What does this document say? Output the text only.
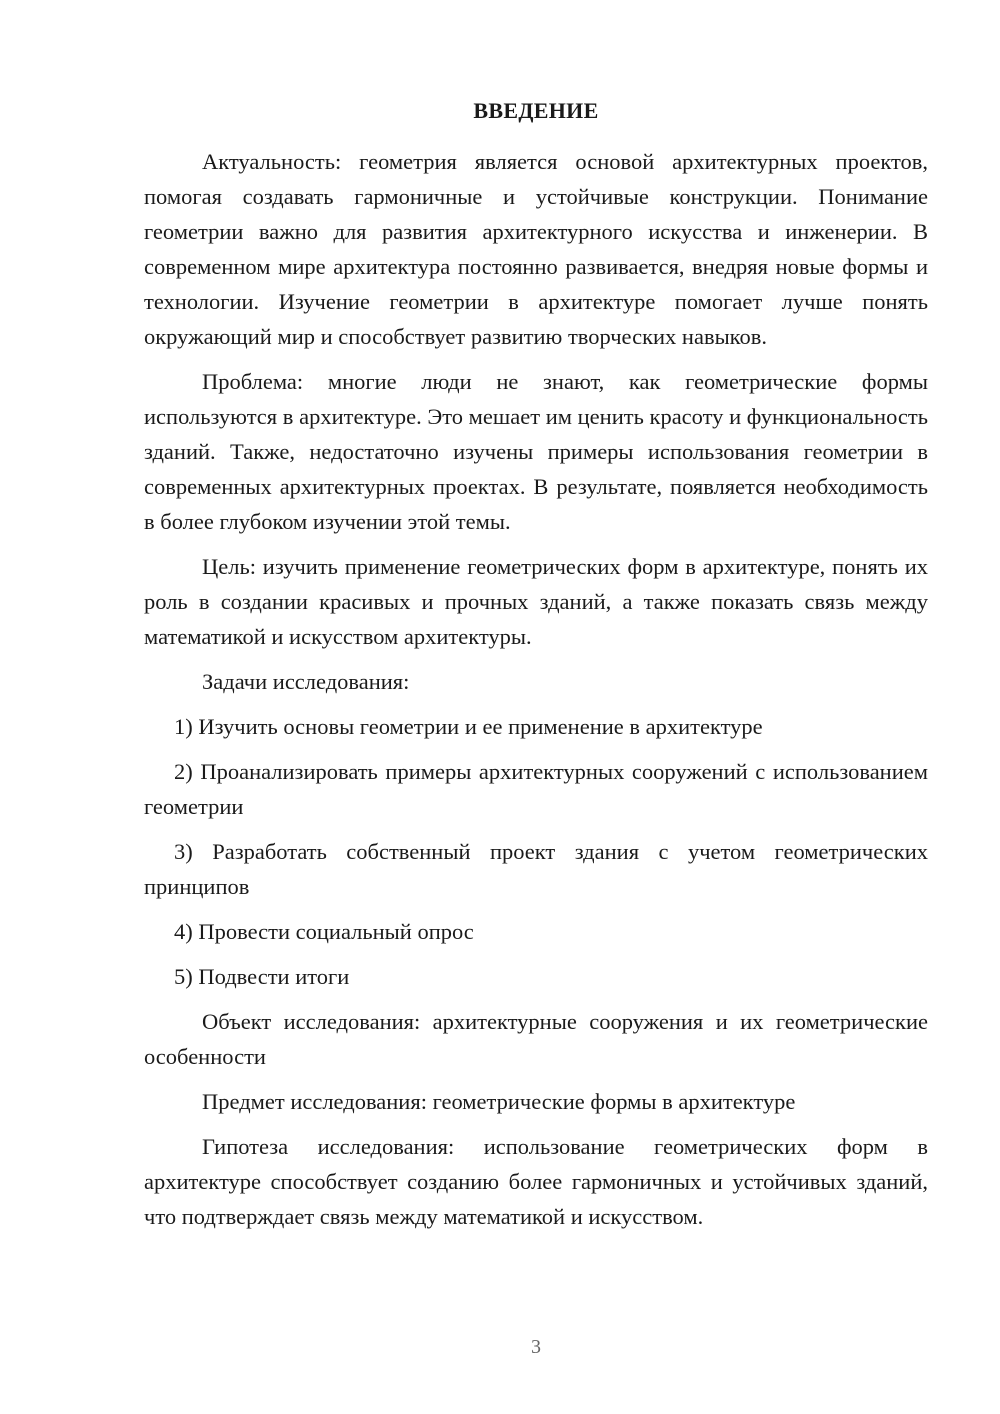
ВВЕДЕНИЕ

Актуальность: геометрия является основой архитектурных проектов, помогая создавать гармоничные и устойчивые конструкции. Понимание геометрии важно для развития архитектурного искусства и инженерии. В современном мире архитектура постоянно развивается, внедряя новые формы и технологии. Изучение геометрии в архитектуре помогает лучше понять окружающий мир и способствует развитию творческих навыков.

Проблема: многие люди не знают, как геометрические формы используются в архитектуре. Это мешает им ценить красоту и функциональность зданий. Также, недостаточно изучены примеры использования геометрии в современных архитектурных проектах. В результате, появляется необходимость в более глубоком изучении этой темы.

Цель: изучить применение геометрических форм в архитектуре, понять их роль в создании красивых и прочных зданий, а также показать связь между математикой и искусством архитектуры.

Задачи исследования:

1) Изучить основы геометрии и ее применение в архитектуре

2) Проанализировать примеры архитектурных сооружений с использованием геометрии

3) Разработать собственный проект здания с учетом геометрических принципов

4) Провести социальный опрос

5) Подвести итоги

Объект исследования: архитектурные сооружения и их геометрические особенности

Предмет исследования: геометрические формы в архитектуре

Гипотеза исследования: использование геометрических форм в архитектуре способствует созданию более гармоничных и устойчивых зданий, что подтверждает связь между математикой и искусством.

3
